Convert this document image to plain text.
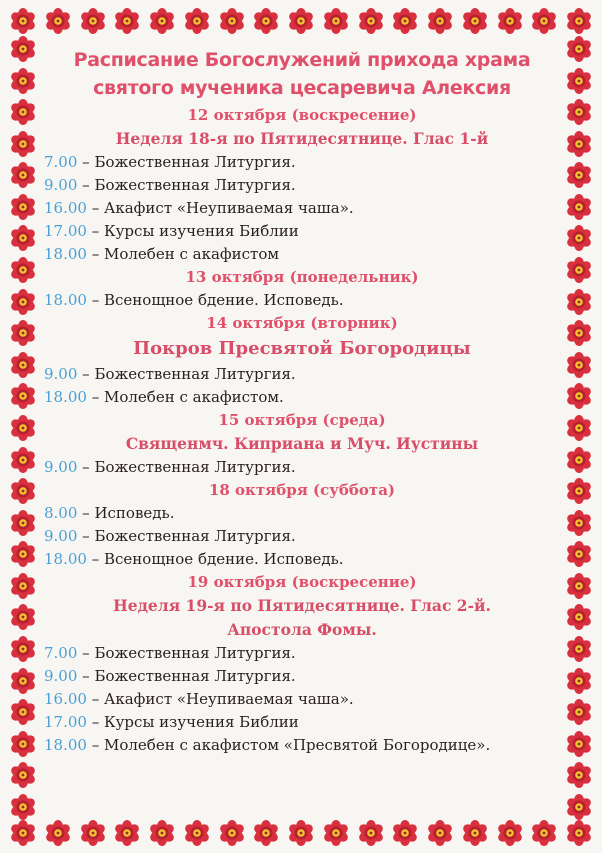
Расписание Богослужений прихода храма
святого мученика цесаревича Алексия
12 октября (воскресение)
Неделя 18-я по Пятидесятнице. Глас 1-й
7.00 – Божественная Литургия.
9.00 – Божественная Литургия.
16.00 – Акафист «Неупиваемая чаша».
17.00 – Курсы изучения Библии
18.00 – Молебен с акафистом
13 октября (понедельник)
18.00 – Всенощное бдение. Исповедь.
14 октября (вторник)
Покров Пресвятой Богородицы
9.00 – Божественная Литургия.
18.00 – Молебен с акафистом.
15 октября (среда)
Священмч. Киприана и Муч. Иустины
9.00 – Божественная Литургия.
18 октября (суббота)
8.00 – Исповедь.
9.00 – Божественная Литургия.
18.00 – Всенощное бдение. Исповедь.
19 октября (воскресение)
Неделя 19-я по Пятидесятнице. Глас 2-й.
Апостола Фомы.
7.00 – Божественная Литургия.
9.00 – Божественная Литургия.
16.00 – Акафист «Неупиваемая чаша».
17.00 – Курсы изучения Библии
18.00 – Молебен с акафистом «Пресвятой Богородице».
